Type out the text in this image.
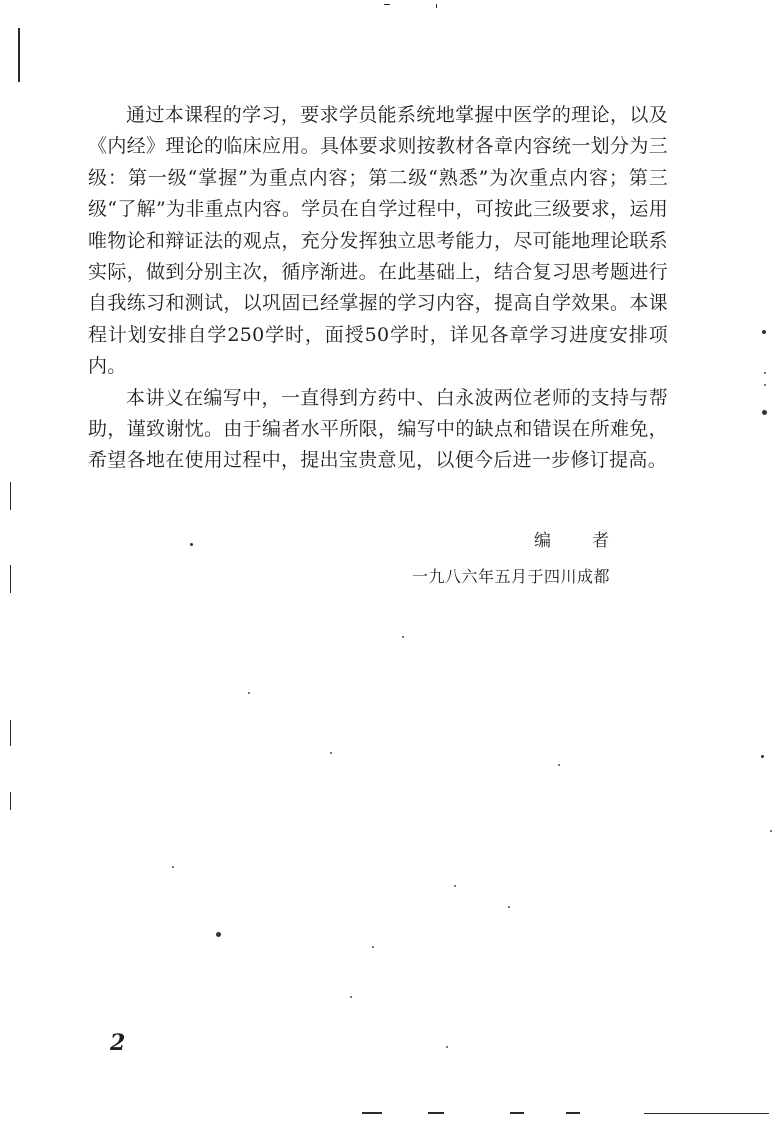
通过本课程的学习，要求学员能系统地掌握中医学的理论，以及《内经》理论的临床应用。具体要求则按教材各章内容统一划分为三级：第一级“掌握”为重点内容；第二级“熟悉”为次重点内容；第三级“了解”为非重点内容。学员在自学过程中，可按此三级要求，运用唯物论和辩证法的观点，充分发挥独立思考能力，尽可能地理论联系实际，做到分别主次，循序渐进。在此基础上，结合复习思考题进行自我练习和测试，以巩固已经掌握的学习内容，提高自学效果。本课程计划安排自学250学时，面授50学时，详见各章学习进度安排项内。

本讲义在编写中，一直得到方药中、白永波两位老师的支持与帮助，谨致谢忱。由于编者水平所限，编写中的缺点和错误在所难免，希望各地在使用过程中，提出宝贵意见，以便今后进一步修订提高。

编　者
一九八六年五月于四川成都
2
